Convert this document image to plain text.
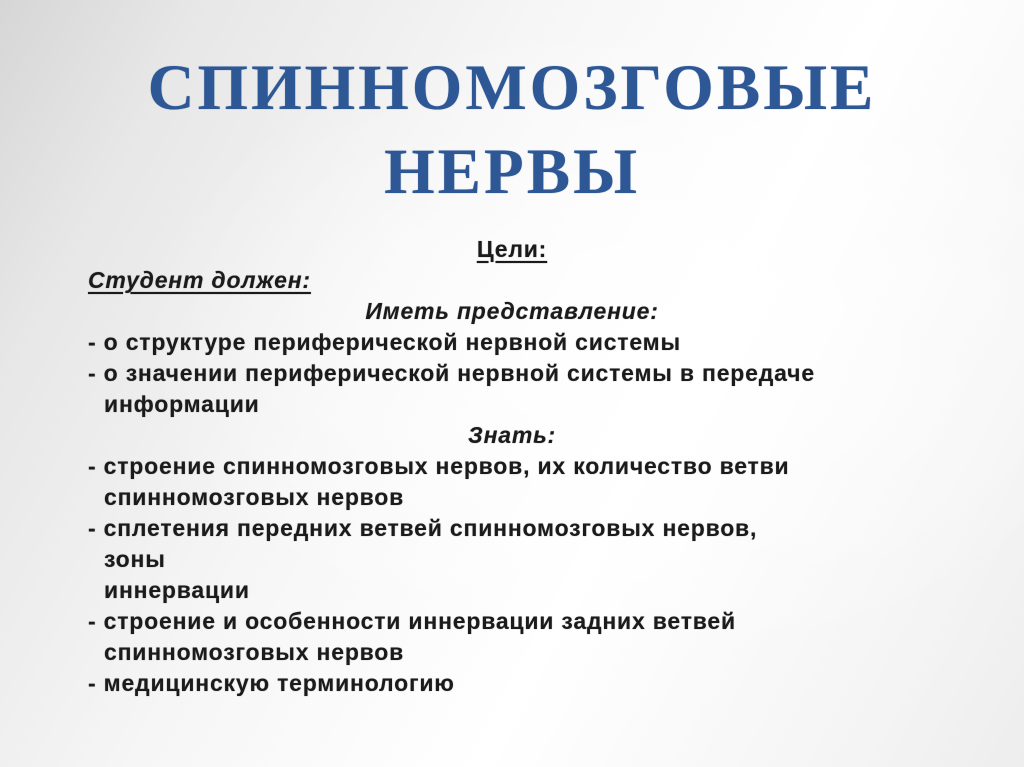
СПИННОМОЗГОВЫЕ
НЕРВЫ
Цели:
Студент должен:
Иметь представление:
- о структуре периферической нервной системы
- о значении периферической нервной системы в передаче
информации
Знать:
- строение спинномозговых нервов, их количество ветви
спинномозговых нервов
- сплетения передних ветвей спинномозговых нервов,
зоны
иннервации
- строение и особенности иннервации задних ветвей
спинномозговых нервов
- медицинскую терминологию
